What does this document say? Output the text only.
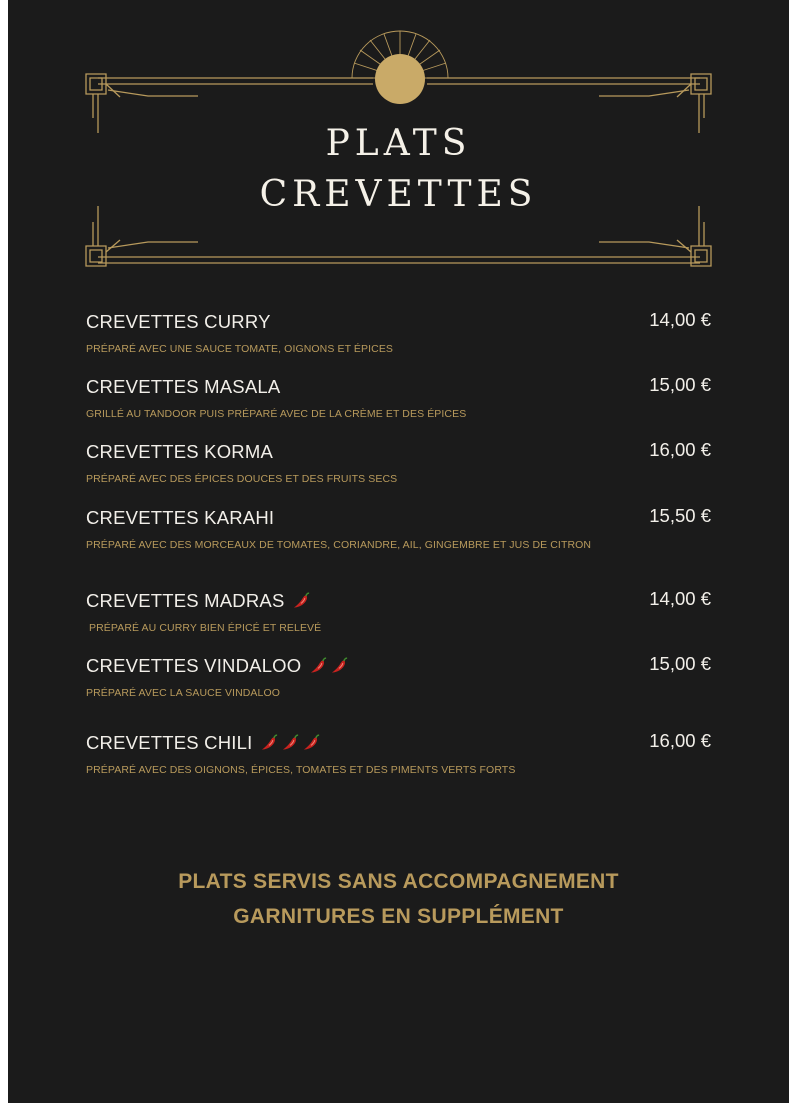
PLATS
CREVETTES
CREVETTES CURRY	14,00 €
PRÉPARÉ AVEC UNE SAUCE TOMATE, OIGNONS ET ÉPICES
CREVETTES MASALA	15,00 €
GRILLÉ AU TANDOOR PUIS PRÉPARÉ AVEC DE LA CRÈME ET DES ÉPICES
CREVETTES KORMA	16,00 €
PRÉPARÉ AVEC DES ÉPICES DOUCES ET DES FRUITS SECS
CREVETTES KARAHI	15,50 €
PRÉPARÉ AVEC DES MORCEAUX DE TOMATES, CORIANDRE, AIL, GINGEMBRE ET JUS DE CITRON
CREVETTES MADRAS	14,00 €
PRÉPARÉ AU CURRY BIEN ÉPICÉ ET RELEVÉ
CREVETTES VINDALOO	15,00 €
PRÉPARÉ AVEC LA SAUCE VINDALOO
CREVETTES CHILI	16,00 €
PRÉPARÉ AVEC DES OIGNONS, ÉPICES, TOMATES ET DES PIMENTS VERTS FORTS
PLATS SERVIS SANS ACCOMPAGNEMENT
GARNITURES EN SUPPLÉMENT
